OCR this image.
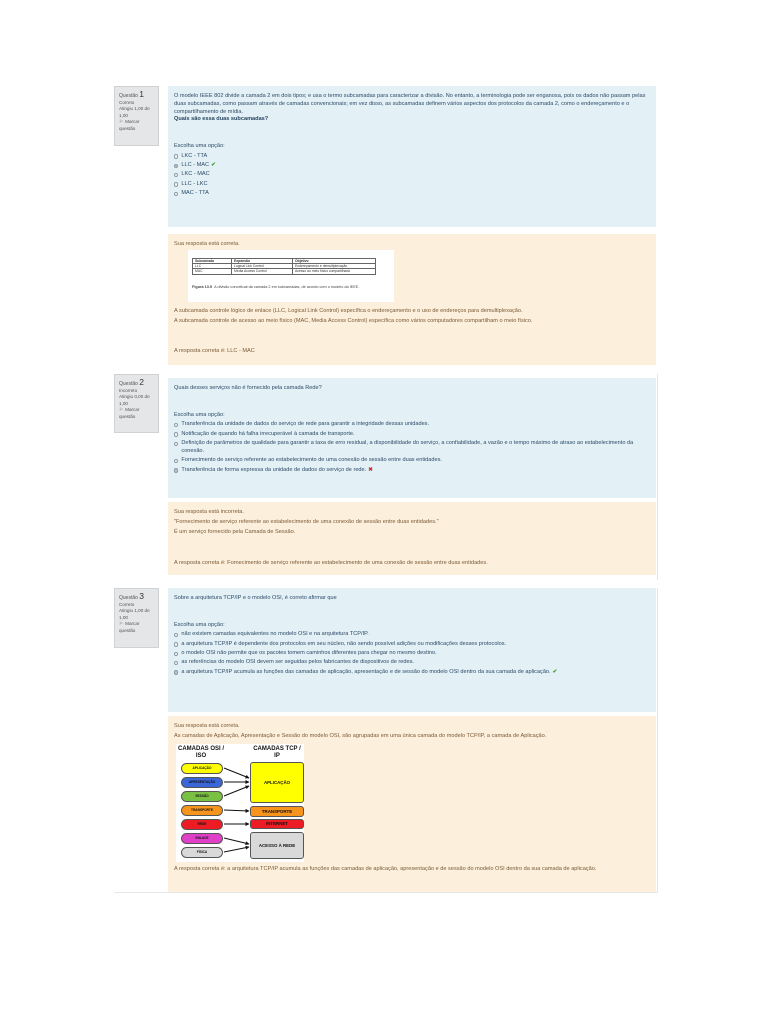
Questão 1
Correto
Atingiu 1,00 de 1,00
⚐ Marcar questão
O modelo IEEE 802 divide a camada 2 em dois tipos; e usa o termo subcamadas para caracterizar a divisão. No entanto, a terminologia pode ser enganosa, pois os dados não passam pelas duas subcamadas, como passam através de camadas convencionais; em vez disso, as subcamadas definem vários aspectos dos protocolos da camada 2, como o endereçamento e o compartilhamento de mídia.
Quais são essa duas subcamadas?
Escolha uma opção:
LKC - TTA
LLC - MAC ✔
LKC - MAC
LLC - LKC
MAC - TTA
Sua resposta está correta.
Subcamada	Expansão	Objetivo
LLC	Logical Link Control	Endereçamento e demultiplexação
MAC	Media Access Control	Acesso ao meio físico compartilhado
Figura 13.5 A divisão conceitual da camada 2 em subcamadas, de acordo com o modelo da IEEE.
A subcamada controle lógico de enlace (LLC, Logical Link Control) específica o endereçamento e o uso de endereços para demultiplexação.
A subcamada controle de acesso ao meio físico (MAC, Media Access Control) específica como vários computadores compartilham o meio físico.
A resposta correta é: LLC - MAC
Questão 2
Incorreto
Atingiu 0,00 de 1,00
⚐ Marcar questão
Quais desses serviços não é fornecido pela camada Rede?
Escolha uma opção:
Transferência da unidade de dados do serviço de rede para garantir a integridade dessas unidades.
Notificação de quando há falha irrecuperável à camada de transporte.
Definição de parâmetros de qualidade para garantir a taxa de erro residual, a disponibilidade do serviço, a confiabilidade, a vazão e o tempo máximo de atraso ao estabelecimento da conexão.
Fornecimento de serviço referente ao estabelecimento de uma conexão de sessão entre duas entidades.
Transferência de forma expressa da unidade de dados do serviço de rede. ✖
Sua resposta está incorreta.
"Fornecimento de serviço referente ao estabelecimento de uma conexão de sessão entre duas entidades."
É um serviço fornecido pela Camada de Sessão.
A resposta correta é: Fornecimento de serviço referente ao estabelecimento de uma conexão de sessão entre duas entidades.
Questão 3
Correto
Atingiu 1,00 de 1,00
⚐ Marcar questão
Sobre a arquitetura TCP/IP e o modelo OSI, é correto afirmar que
Escolha uma opção:
não existem camadas equivalentes no modelo OSI e na arquitetura TCP/IP.
a arquitetura TCP/IP é dependente dos protocolos em seu núcleo, não sendo possível adições ou modificações desses protocolos.
o modelo OSI não permite que os pacotes tomem caminhos diferentes para chegar no mesmo destino.
as referências do modelo OSI devem ser seguidas pelos fabricantes de dispositivos de redes.
a arquitetura TCP/IP acumula as funções das camadas de aplicação, apresentação e de sessão do modelo OSI dentro da sua camada de aplicação. ✔
Sua resposta está correta.
As camadas de Aplicação, Apresentação e Sessão do modelo OSI, são agrupadas em uma única camada do modelo TCP/IP, a camada de Aplicação.
CAMADAS OSI / ISO
CAMADAS TCP / IP
APLICAÇÃO
APRESENTAÇÃO
SESSÃO
TRANSPORTE
REDE
ENLACE
FÍSICA
APLICAÇÃO
TRANSPORTE
INTERNET
ACESSO À REDE
A resposta correta é: a arquitetura TCP/IP acumula as funções das camadas de aplicação, apresentação e de sessão do modelo OSI dentro da sua camada de aplicação.
